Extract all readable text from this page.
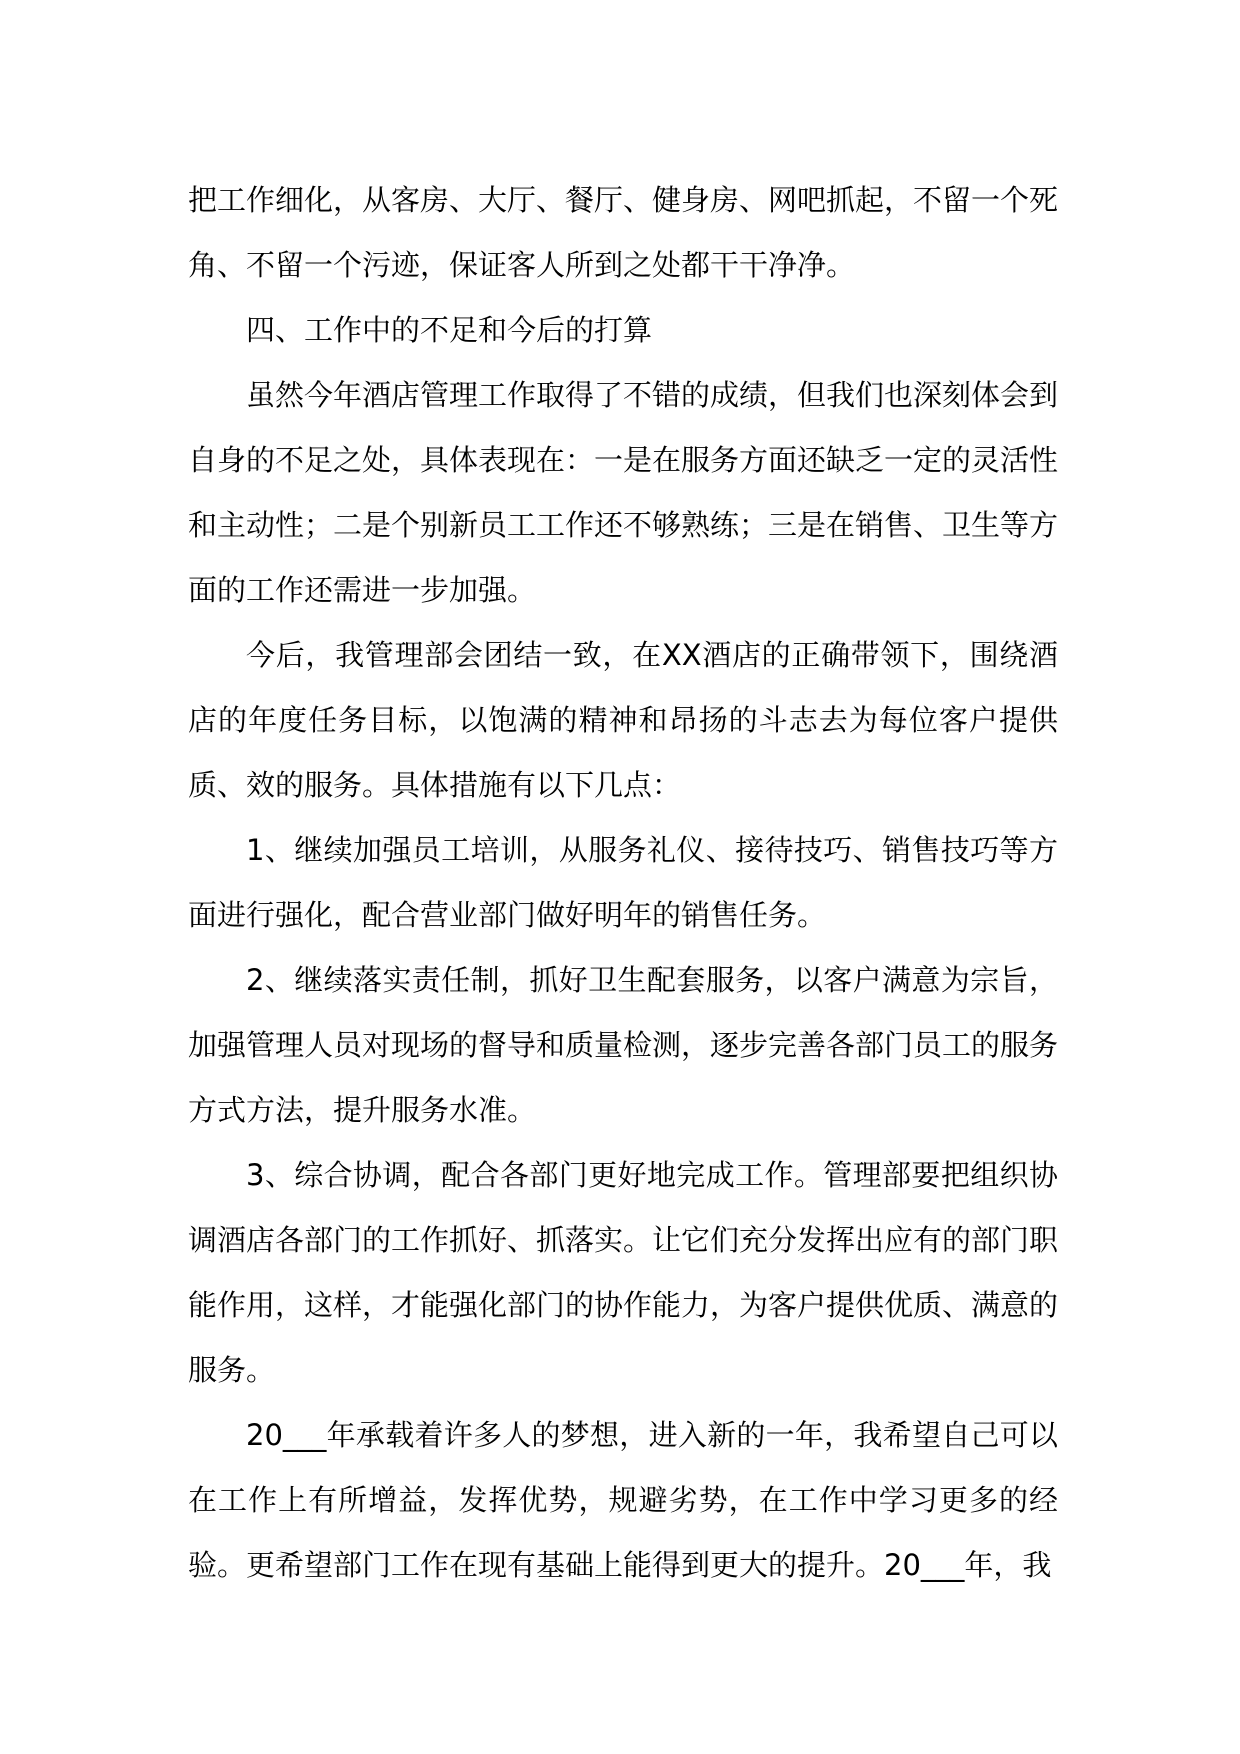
把工作细化，从客房、大厅、餐厅、健身房、网吧抓起，不留一个死角、不留一个污迹，保证客人所到之处都干干净净。

四、工作中的不足和今后的打算

虽然今年酒店管理工作取得了不错的成绩，但我们也深刻体会到自身的不足之处，具体表现在：一是在服务方面还缺乏一定的灵活性和主动性；二是个别新员工工作还不够熟练；三是在销售、卫生等方面的工作还需进一步加强。

今后，我管理部会团结一致，在XX酒店的正确带领下，围绕酒店的年度任务目标，以饱满的精神和昂扬的斗志去为每位客户提供质、效的服务。具体措施有以下几点：

1、继续加强员工培训，从服务礼仪、接待技巧、销售技巧等方面进行强化，配合营业部门做好明年的销售任务。

2、继续落实责任制，抓好卫生配套服务，以客户满意为宗旨，加强管理人员对现场的督导和质量检测，逐步完善各部门员工的服务方式方法，提升服务水准。

3、综合协调，配合各部门更好地完成工作。管理部要把组织协调酒店各部门的工作抓好、抓落实。让它们充分发挥出应有的部门职能作用，这样，才能强化部门的协作能力，为客户提供优质、满意的服务。

20___年承载着许多人的梦想，进入新的一年，我希望自己可以在工作上有所增益，发挥优势，规避劣势，在工作中学习更多的经验。更希望部门工作在现有基础上能得到更大的提升。20___年，我
